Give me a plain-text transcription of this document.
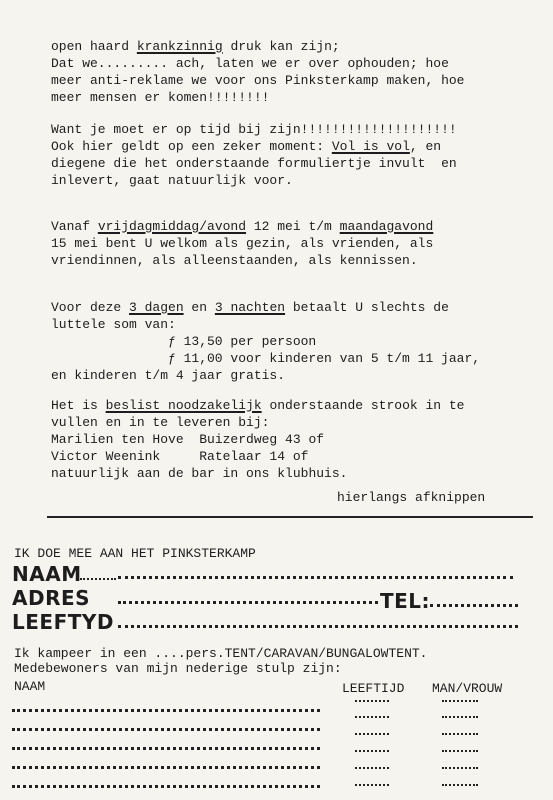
open haard krankzinnig druk kan zijn;
Dat we......... ach, laten we er over ophouden; hoe
meer anti-reklame we voor ons Pinksterkamp maken, hoe
meer mensen er komen!!!!!!!!
Want je moet er op tijd bij zijn!!!!!!!!!!!!!!!!!!!!
Ook hier geldt op een zeker moment: Vol is vol, en
diegene die het onderstaande formuliertje invult  en
inlevert, gaat natuurlijk voor.
Vanaf vrijdagmiddag/avond 12 mei t/m maandagavond
15 mei bent U welkom als gezin, als vrienden, als
vriendinnen, als alleenstaanden, als kennissen.
Voor deze 3 dagen en 3 nachten betaalt U slechts de
luttele som van:
ƒ 13,50 per persoon
ƒ 11,00 voor kinderen van 5 t/m 11 jaar,
en kinderen t/m 4 jaar gratis.
Het is beslist noodzakelijk onderstaande strook in te
vullen en in te leveren bij:
Marilien ten Hove  Buizerdweg 43 of
Victor Weenink     Ratelaar 14 of
natuurlijk aan de bar in ons klubhuis.
hierlangs afknippen
IK DOE MEE AAN HET PINKSTERKAMP
NAAM
ADRES	TEL:
LEEFTYD
Ik kampeer in een ....pers.TENT/CARAVAN/BUNGALOWTENT.
Medebewoners van mijn nederige stulp zijn:
NAAM	LEEFTIJD MAN/VROUW
